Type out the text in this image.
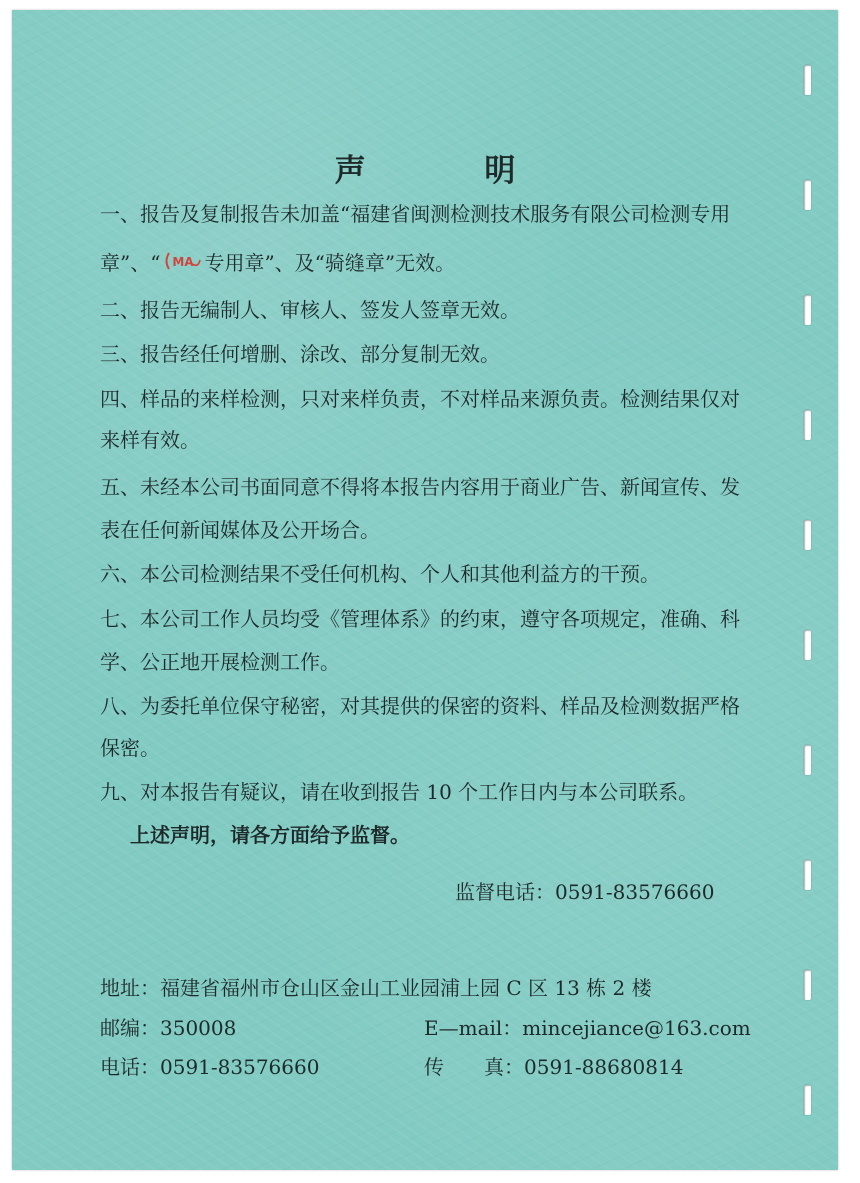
声 明
一、报告及复制报告未加盖“福建省闽测检测技术服务有限公司检测专用
章”、“ MA 专用章”、及“骑缝章”无效。
二、报告无编制人、审核人、签发人签章无效。
三、报告经任何增删、涂改、部分复制无效。
四、样品的来样检测，只对来样负责，不对样品来源负责。检测结果仅对
来样有效。
五、未经本公司书面同意不得将本报告内容用于商业广告、新闻宣传、发
表在任何新闻媒体及公开场合。
六、本公司检测结果不受任何机构、个人和其他利益方的干预。
七、本公司工作人员均受《管理体系》的约束，遵守各项规定，准确、科
学、公正地开展检测工作。
八、为委托单位保守秘密，对其提供的保密的资料、样品及检测数据严格
保密。
九、对本报告有疑议，请在收到报告 10 个工作日内与本公司联系。
上述声明，请各方面给予监督。
监督电话：0591-83576660
地址：福建省福州市仓山区金山工业园浦上园 C 区 13 栋 2 楼
邮编：350008	E—mail：mincejiance@163.com
电话：0591-83576660	传　　真：0591-88680814
